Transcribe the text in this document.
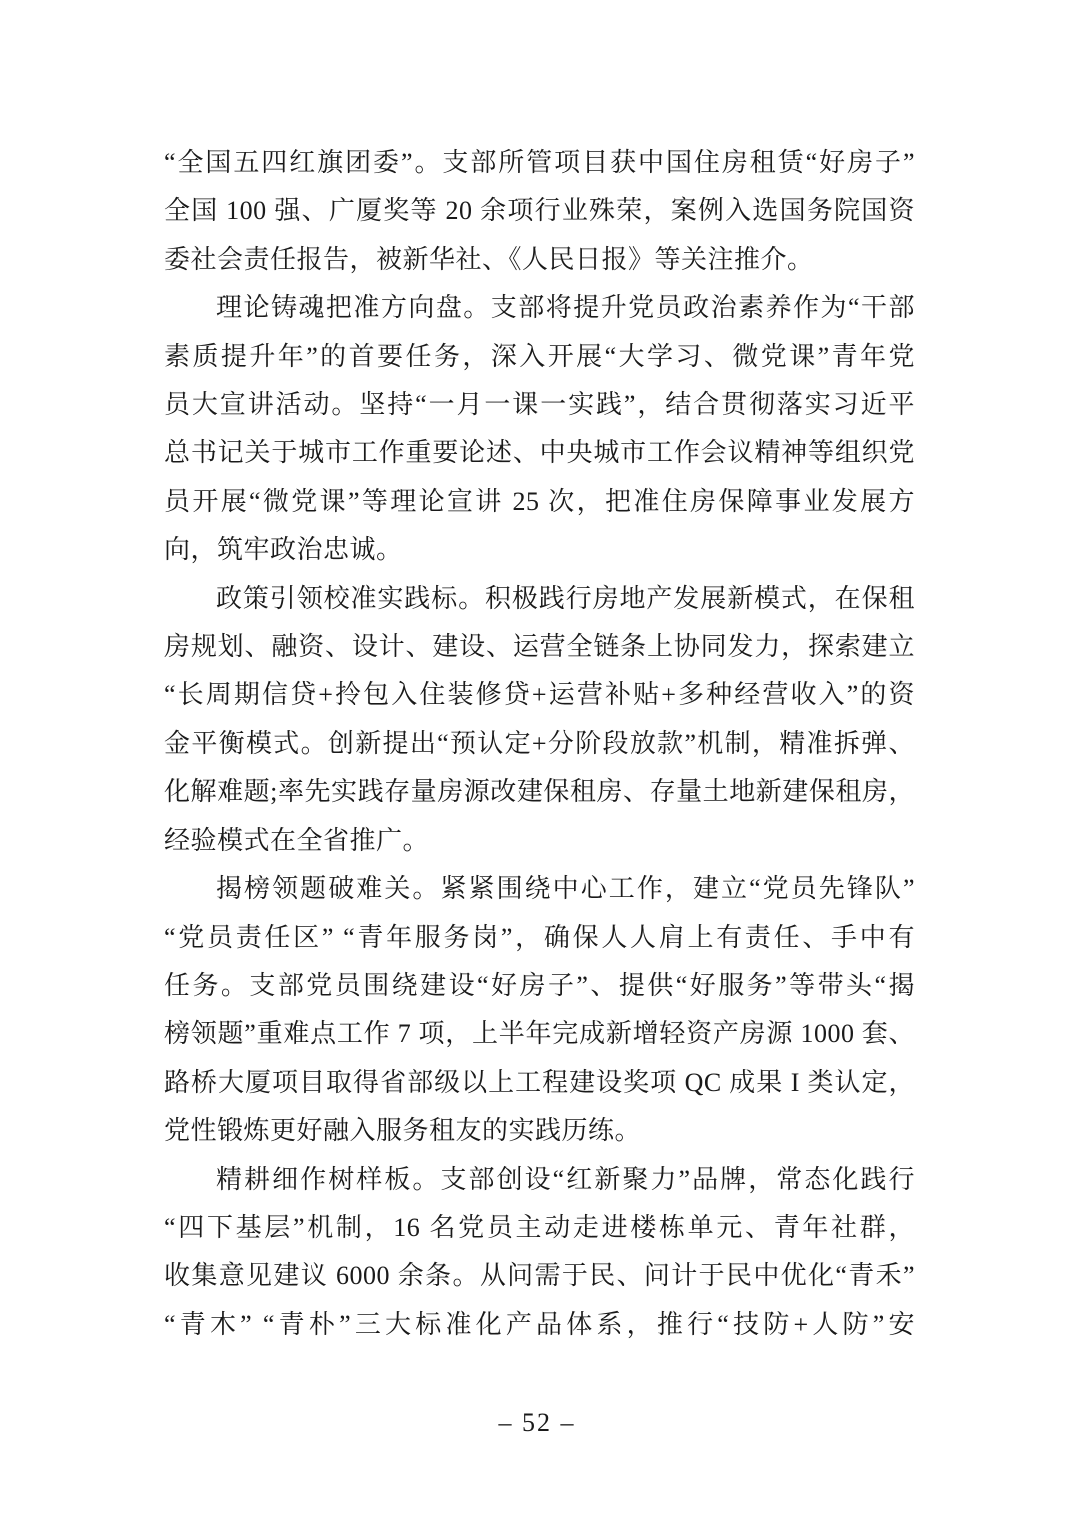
“全国五四红旗团委”。支部所管项目获中国住房租赁“好房子”
全国 100 强、广厦奖等 20 余项行业殊荣，案例入选国务院国资
委社会责任报告，被新华社、《人民日报》等关注推介。
理论铸魂把准方向盘。支部将提升党员政治素养作为“干部
素质提升年”的首要任务，深入开展“大学习、微党课”青年党
员大宣讲活动。坚持“一月一课一实践”，结合贯彻落实习近平
总书记关于城市工作重要论述、中央城市工作会议精神等组织党
员开展“微党课”等理论宣讲 25 次，把准住房保障事业发展方
向，筑牢政治忠诚。
政策引领校准实践标。积极践行房地产发展新模式，在保租
房规划、融资、设计、建设、运营全链条上协同发力，探索建立
“长周期信贷+拎包入住装修贷+运营补贴+多种经营收入”的资
金平衡模式。创新提出“预认定+分阶段放款”机制，精准拆弹、
化解难题;率先实践存量房源改建保租房、存量土地新建保租房，
经验模式在全省推广。
揭榜领题破难关。紧紧围绕中心工作，建立“党员先锋队”
“党员责任区” “青年服务岗”，确保人人肩上有责任、手中有
任务。支部党员围绕建设“好房子”、提供“好服务”等带头“揭
榜领题”重难点工作 7 项，上半年完成新增轻资产房源 1000 套、
路桥大厦项目取得省部级以上工程建设奖项 QC 成果 I 类认定，
党性锻炼更好融入服务租友的实践历练。
精耕细作树样板。支部创设“红新聚力”品牌，常态化践行
“四下基层”机制，16 名党员主动走进楼栋单元、青年社群，
收集意见建议 6000 余条。从问需于民、问计于民中优化“青禾”
“青木” “青朴”三大标准化产品体系，推行“技防+人防”安
– 52 –
